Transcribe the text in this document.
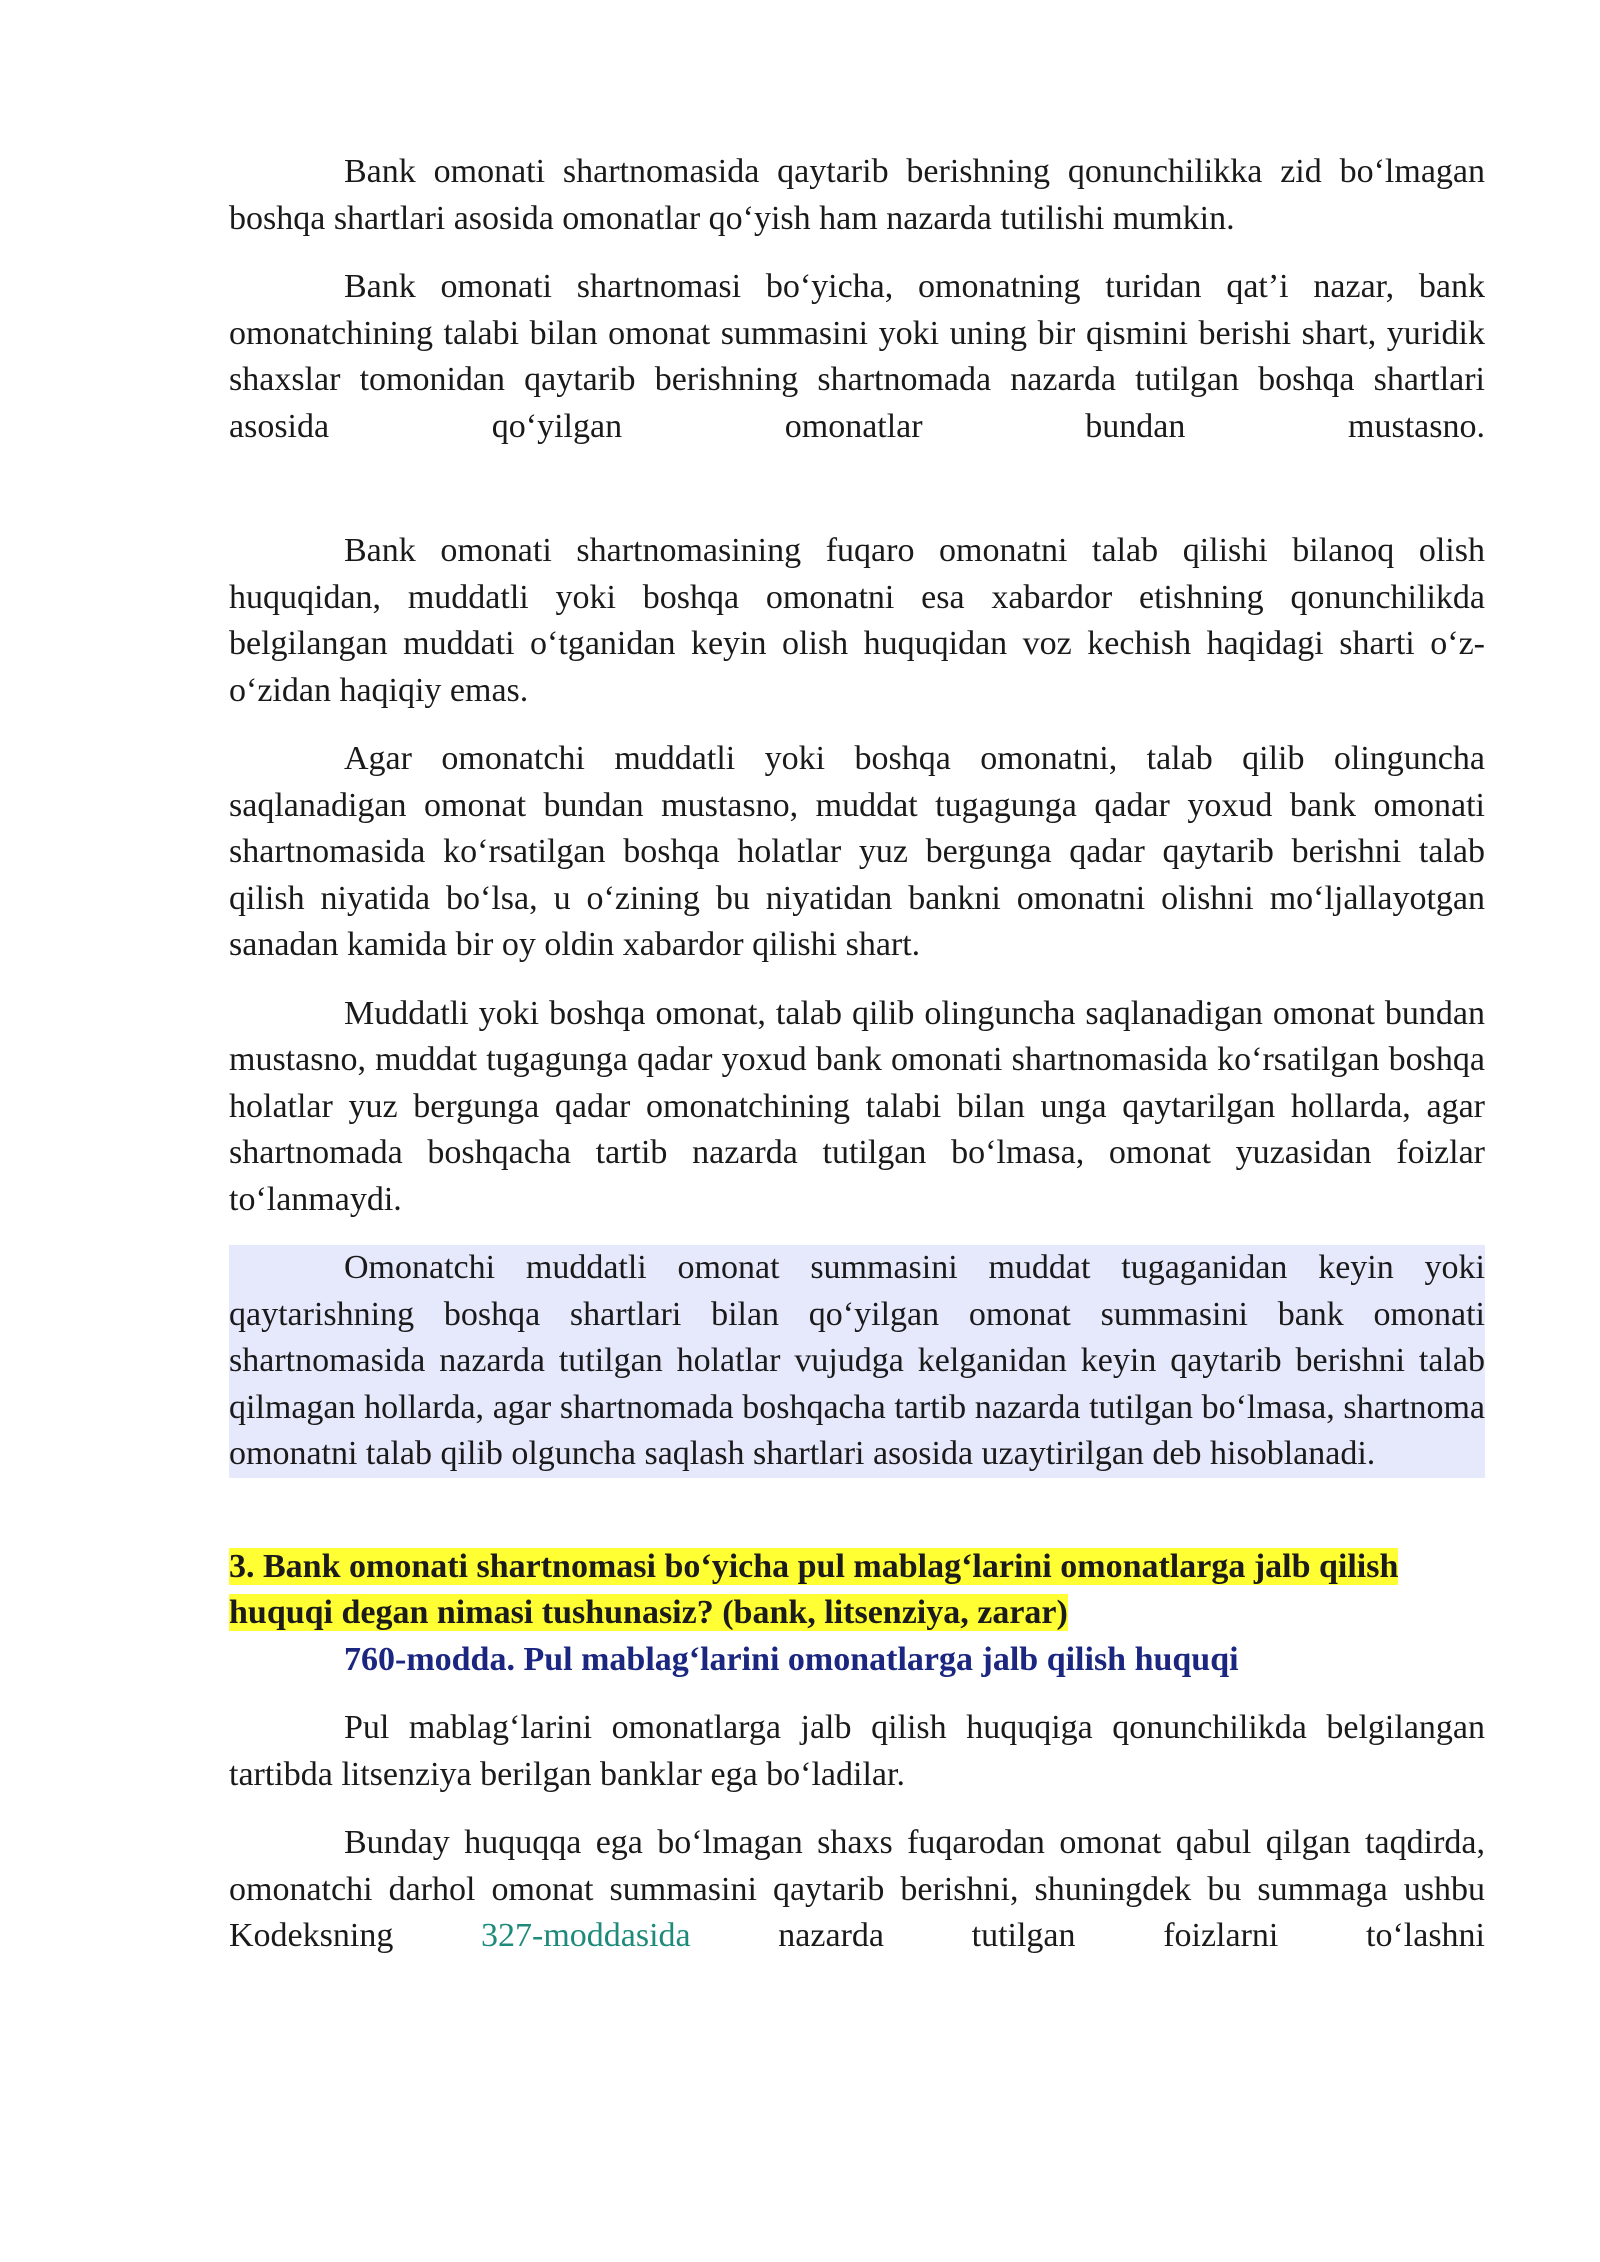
Bank omonati shartnomasida qaytarib berishning qonunchilikka zid bo‘lmagan boshqa shartlari asosida omonatlar qo‘yish ham nazarda tutilishi mumkin.

Bank omonati shartnomasi bo‘yicha, omonatning turidan qat’i nazar, bank omonatchining talabi bilan omonat summasini yoki uning bir qismini berishi shart, yuridik shaxslar tomonidan qaytarib berishning shartnomada nazarda tutilgan boshqa shartlari asosida qo‘yilgan omonatlar bundan mustasno.

Bank omonati shartnomasining fuqaro omonatni talab qilishi bilanoq olish huquqidan, muddatli yoki boshqa omonatni esa xabardor etishning qonunchilikda belgilangan muddati o‘tganidan keyin olish huquqidan voz kechish haqidagi sharti o‘z-o‘zidan haqiqiy emas.

Agar omonatchi muddatli yoki boshqa omonatni, talab qilib olinguncha saqlanadigan omonat bundan mustasno, muddat tugagunga qadar yoxud bank omonati shartnomasida ko‘rsatilgan boshqa holatlar yuz bergunga qadar qaytarib berishni talab qilish niyatida bo‘lsa, u o‘zining bu niyatidan bankni omonatni olishni mo‘ljallayotgan sanadan kamida bir oy oldin xabardor qilishi shart.

Muddatli yoki boshqa omonat, talab qilib olinguncha saqlanadigan omonat bundan mustasno, muddat tugagunga qadar yoxud bank omonati shartnomasida ko‘rsatilgan boshqa holatlar yuz bergunga qadar omonatchining talabi bilan unga qaytarilgan hollarda, agar shartnomada boshqacha tartib nazarda tutilgan bo‘lmasa, omonat yuzasidan foizlar to‘lanmaydi.

Omonatchi muddatli omonat summasini muddat tugaganidan keyin yoki qaytarishning boshqa shartlari bilan qo‘yilgan omonat summasini bank omonati shartnomasida nazarda tutilgan holatlar vujudga kelganidan keyin qaytarib berishni talab qilmagan hollarda, agar shartnomada boshqacha tartib nazarda tutilgan bo‘lmasa, shartnoma omonatni talab qilib olguncha saqlash shartlari asosida uzaytirilgan deb hisoblanadi.

3. Bank omonati shartnomasi bo‘yicha pul mablag‘larini omonatlarga jalb qilish huquqi degan nimasi tushunasiz? (bank, litsenziya, zarar)

760-modda. Pul mablag‘larini omonatlarga jalb qilish huquqi

Pul mablag‘larini omonatlarga jalb qilish huquqiga qonunchilikda belgilangan tartibda litsenziya berilgan banklar ega bo‘ladilar.

Bunday huquqqa ega bo‘lmagan shaxs fuqarodan omonat qabul qilgan taqdirda, omonatchi darhol omonat summasini qaytarib berishni, shuningdek bu summaga ushbu Kodeksning 327-moddasida nazarda tutilgan foizlarni to‘lashni
